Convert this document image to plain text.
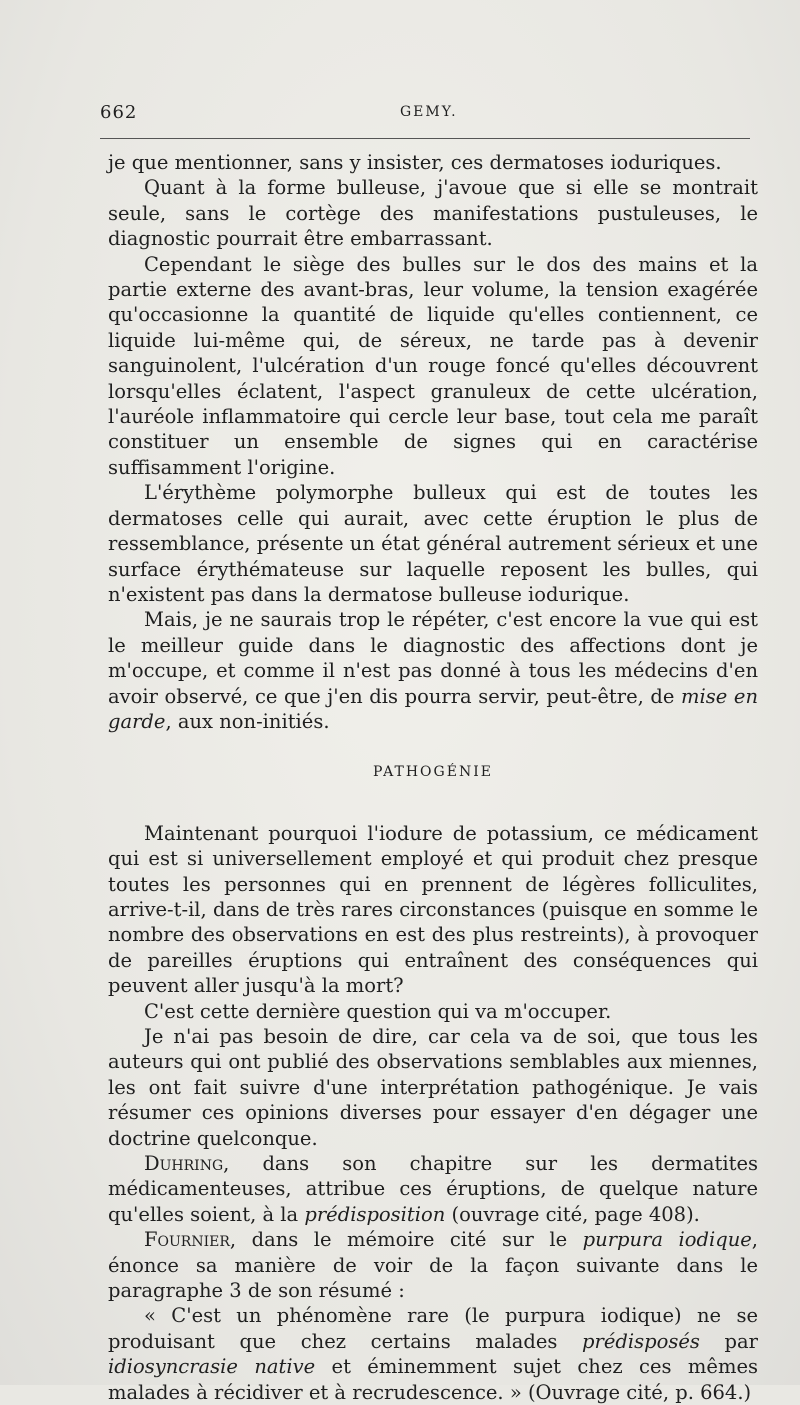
662	GEMY.

je que mentionner, sans y insister, ces dermatoses ioduriques.

Quant à la forme bulleuse, j'avoue que si elle se montrait seule, sans le cortège des manifestations pustuleuses, le diagnostic pourrait être embarrassant.

Cependant le siège des bulles sur le dos des mains et la partie externe des avant-bras, leur volume, la tension exagérée qu'occasionne la quantité de liquide qu'elles contiennent, ce liquide lui-même qui, de séreux, ne tarde pas à devenir sanguinolent, l'ulcération d'un rouge foncé qu'elles découvrent lorsqu'elles éclatent, l'aspect granuleux de cette ulcération, l'auréole inflammatoire qui cercle leur base, tout cela me paraît constituer un ensemble de signes qui en caractérise suffisamment l'origine.

L'érythème polymorphe bulleux qui est de toutes les dermatoses celle qui aurait, avec cette éruption le plus de ressemblance, présente un état général autrement sérieux et une surface érythémateuse sur laquelle reposent les bulles, qui n'existent pas dans la dermatose bulleuse iodurique.

Mais, je ne saurais trop le répéter, c'est encore la vue qui est le meilleur guide dans le diagnostic des affections dont je m'occupe, et comme il n'est pas donné à tous les médecins d'en avoir observé, ce que j'en dis pourra servir, peut-être, de mise en garde, aux non-initiés.

PATHOGÉNIE

Maintenant pourquoi l'iodure de potassium, ce médicament qui est si universellement employé et qui produit chez presque toutes les personnes qui en prennent de légères folliculites, arrive-t-il, dans de très rares circonstances (puisque en somme le nombre des observations en est des plus restreints), à provoquer de pareilles éruptions qui entraînent des conséquences qui peuvent aller jusqu'à la mort?

C'est cette dernière question qui va m'occuper.

Je n'ai pas besoin de dire, car cela va de soi, que tous les auteurs qui ont publié des observations semblables aux miennes, les ont fait suivre d'une interprétation pathogénique. Je vais résumer ces opinions diverses pour essayer d'en dégager une doctrine quelconque.

Duhring, dans son chapitre sur les dermatites médicamenteuses, attribue ces éruptions, de quelque nature qu'elles soient, à la prédisposition (ouvrage cité, page 408).

Fournier, dans le mémoire cité sur le purpura iodique, énonce sa manière de voir de la façon suivante dans le paragraphe 3 de son résumé :

« C'est un phénomène rare (le purpura iodique) ne se produisant que chez certains malades prédisposés par idiosyncrasie native et éminemment sujet chez ces mêmes malades à récidiver et à recrudescence. » (Ouvrage cité, p. 664.)
